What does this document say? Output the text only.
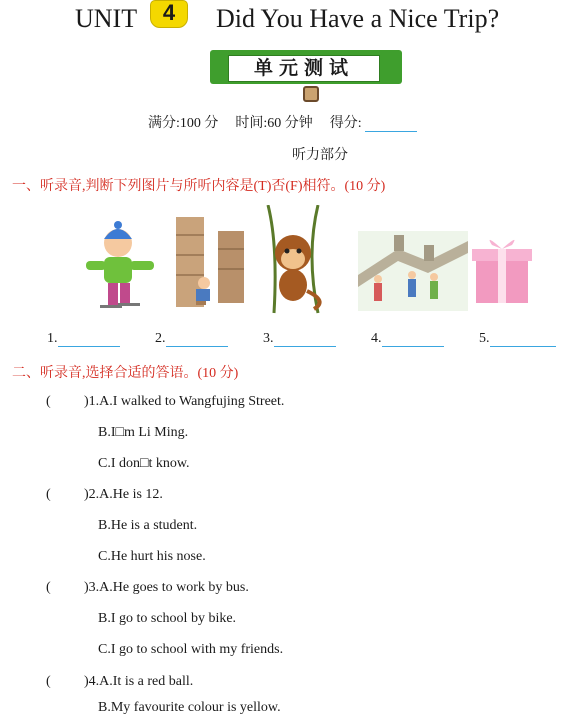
UNIT	4	Did You Have a Nice Trip?
单元测试
满分:100 分 时间:60 分钟 得分:
听力部分
一、听录音,判断下列图片与所听内容是(T)否(F)相符。(10 分)
1.	2.	3.	4.	5.
二、听录音,选择合适的答语。(10 分)
( )1.A.I walked to Wangfujing Street.
B.I□m Li Ming.
C.I don□t know.
( )2.A.He is 12.
B.He is a student.
C.He hurt his nose.
( )3.A.He goes to work by bus.
B.I go to school by bike.
C.I go to school with my friends.
( )4.A.It is a red ball.
B.My favourite colour is yellow.
